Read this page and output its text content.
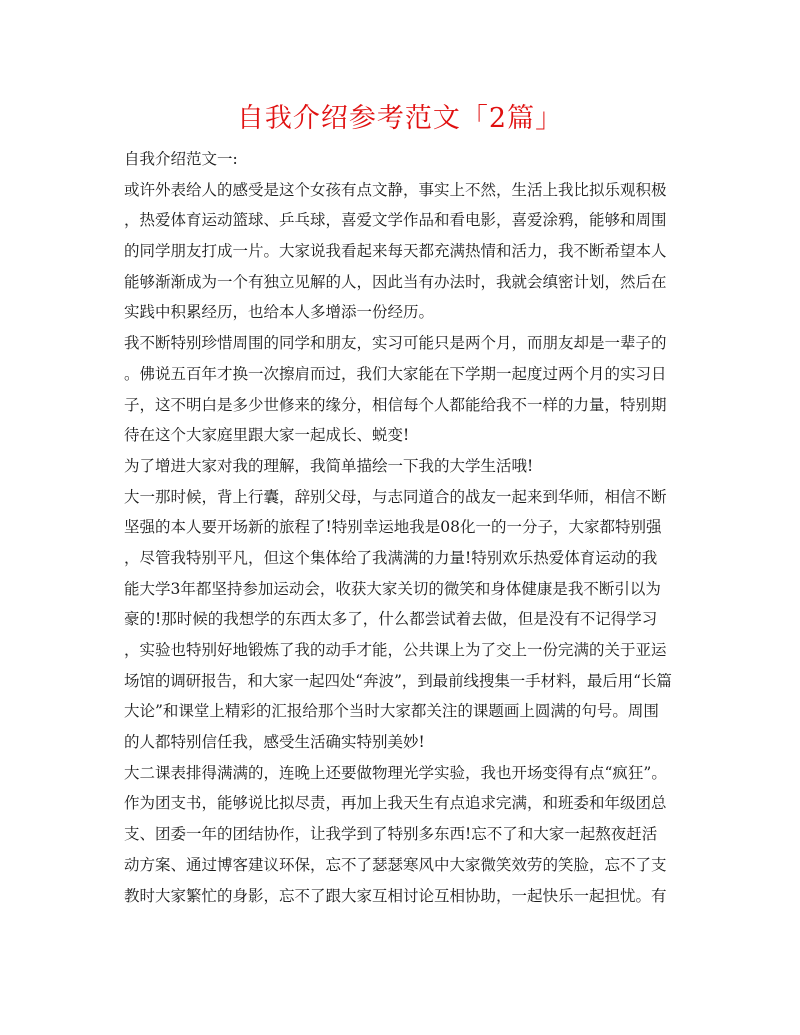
自我介绍参考范文「2篇」
自我介绍范文一:
或许外表给人的感受是这个女孩有点文静，事实上不然，生活上我比拟乐观积极
，热爱体育运动篮球、乒乓球，喜爱文学作品和看电影，喜爱涂鸦，能够和周围
的同学朋友打成一片。大家说我看起来每天都充满热情和活力，我不断希望本人
能够渐渐成为一个有独立见解的人，因此当有办法时，我就会缜密计划，然后在
实践中积累经历，也给本人多增添一份经历。
我不断特别珍惜周围的同学和朋友，实习可能只是两个月，而朋友却是一辈子的
。佛说五百年才换一次擦肩而过，我们大家能在下学期一起度过两个月的实习日
子，这不明白是多少世修来的缘分，相信每个人都能给我不一样的力量，特别期
待在这个大家庭里跟大家一起成长、蜕变!
为了增进大家对我的理解，我简单描绘一下我的大学生活哦!
大一那时候，背上行囊，辞别父母，与志同道合的战友一起来到华师，相信不断
坚强的本人要开场新的旅程了!特别幸运地我是08化一的一分子，大家都特别强
，尽管我特别平凡，但这个集体给了我满满的力量!特别欢乐热爱体育运动的我
能大学3年都坚持参加运动会，收获大家关切的微笑和身体健康是我不断引以为
豪的!那时候的我想学的东西太多了，什么都尝试着去做，但是没有不记得学习
，实验也特别好地锻炼了我的动手才能，公共课上为了交上一份完满的关于亚运
场馆的调研报告，和大家一起四处“奔波”，到最前线搜集一手材料，最后用“长篇
大论”和课堂上精彩的汇报给那个当时大家都关注的课题画上圆满的句号。周围
的人都特别信任我，感受生活确实特别美妙!
大二课表排得满满的，连晚上还要做物理光学实验，我也开场变得有点“疯狂”。
作为团支书，能够说比拟尽责，再加上我天生有点追求完满，和班委和年级团总
支、团委一年的团结协作，让我学到了特别多东西!忘不了和大家一起熬夜赶活
动方案、通过博客建议环保，忘不了瑟瑟寒风中大家微笑效劳的笑脸，忘不了支
教时大家繁忙的身影，忘不了跟大家互相讨论互相协助，一起快乐一起担忧。有
